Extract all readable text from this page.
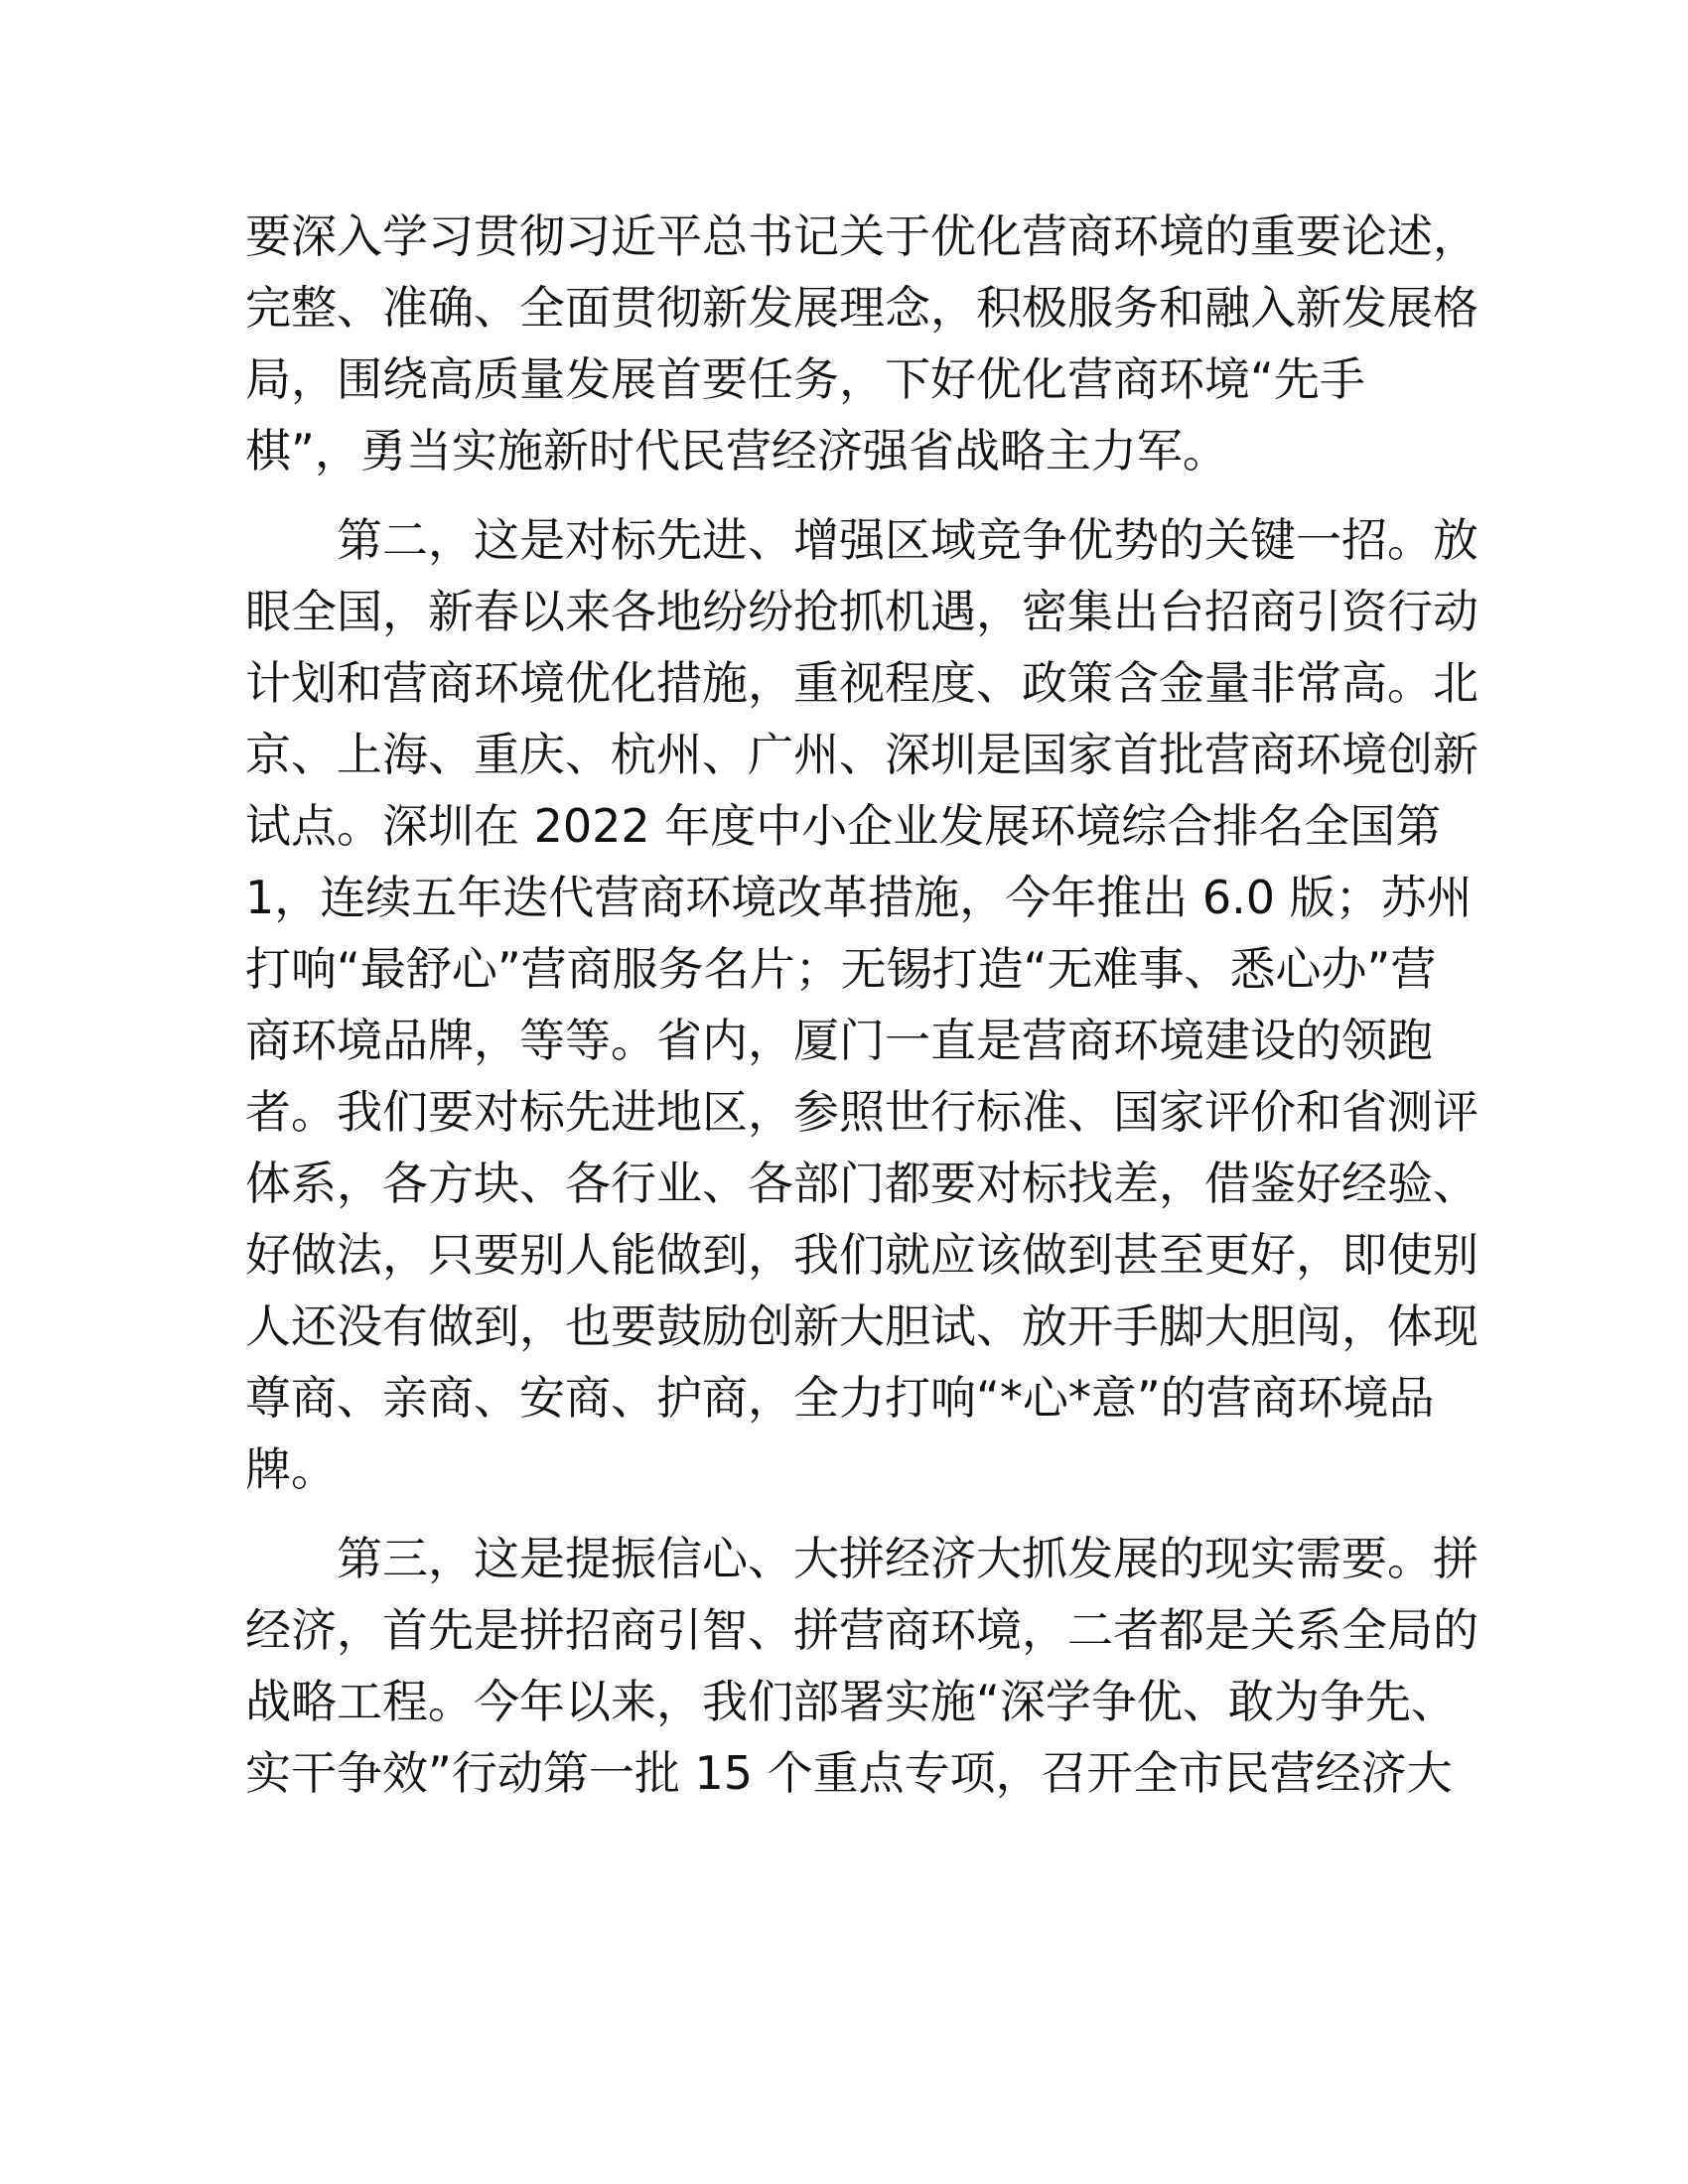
要深入学习贯彻习近平总书记关于优化营商环境的重要论述，
完整、准确、全面贯彻新发展理念，积极服务和融入新发展格
局，围绕高质量发展首要任务，下好优化营商环境“先手
棋”，勇当实施新时代民营经济强省战略主力军。
　　第二，这是对标先进、增强区域竞争优势的关键一招。放
眼全国，新春以来各地纷纷抢抓机遇，密集出台招商引资行动
计划和营商环境优化措施，重视程度、政策含金量非常高。北
京、上海、重庆、杭州、广州、深圳是国家首批营商环境创新
试点。深圳在 2022 年度中小企业发展环境综合排名全国第
1，连续五年迭代营商环境改革措施，今年推出 6.0 版；苏州
打响“最舒心”营商服务名片；无锡打造“无难事、悉心办”营
商环境品牌，等等。省内，厦门一直是营商环境建设的领跑
者。我们要对标先进地区，参照世行标准、国家评价和省测评
体系，各方块、各行业、各部门都要对标找差，借鉴好经验、
好做法，只要别人能做到，我们就应该做到甚至更好，即使别
人还没有做到，也要鼓励创新大胆试、放开手脚大胆闯，体现
尊商、亲商、安商、护商，全力打响“*心*意”的营商环境品
牌。
　　第三，这是提振信心、大拼经济大抓发展的现实需要。拼
经济，首先是拼招商引智、拼营商环境，二者都是关系全局的
战略工程。今年以来，我们部署实施“深学争优、敢为争先、
实干争效”行动第一批 15 个重点专项，召开全市民营经济大
